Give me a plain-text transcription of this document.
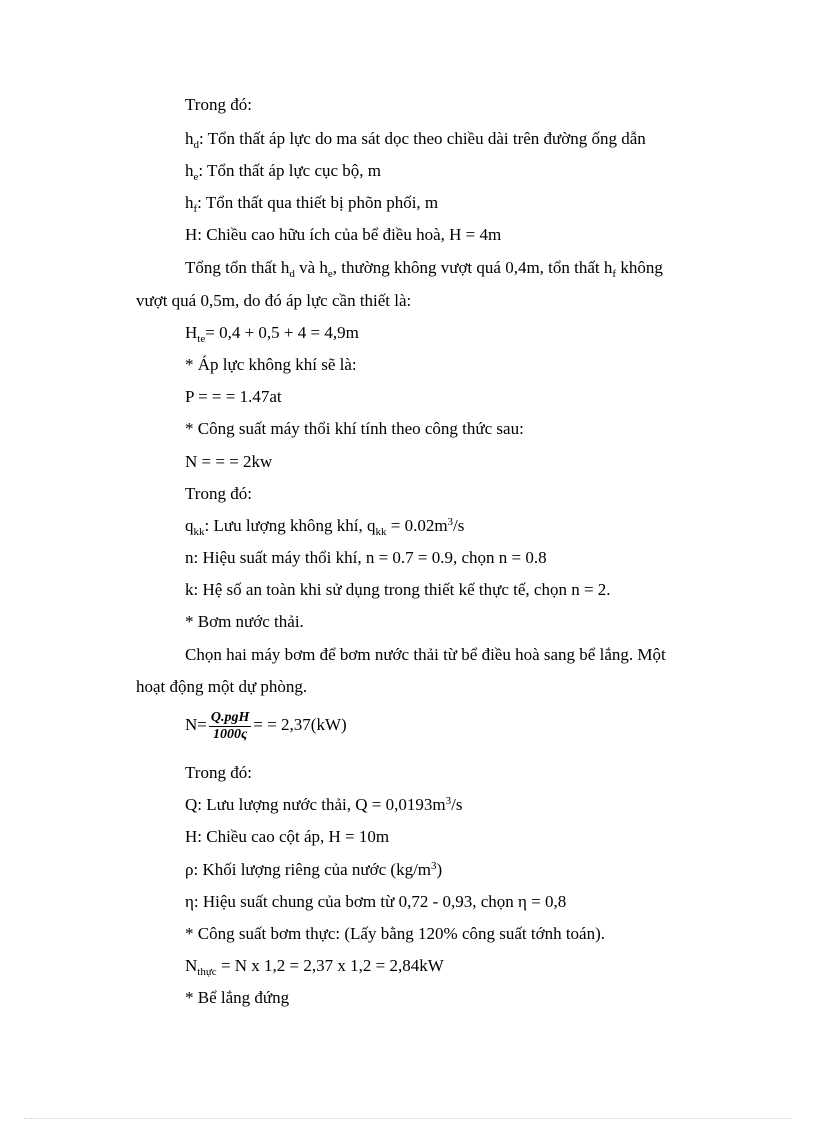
Trong đó:
$h_d$: Tổn thất áp lực do ma sát dọc theo chiều dài trên đường ống dẫn
$h_e$: Tổn thất áp lực cục bộ, m
$h_f$: Tổn thất qua thiết bị phõn phối, m
H: Chiều cao hữu ích của bể điều hoà, H = 4m
Tổng tổn thất $h_d$ và $h_e$, thường không vượt quá 0,4m, tổn thất $h_f$ không
vượt quá 0,5m, do đó áp lực cần thiết là:
$H_{te}= 0,4 + 0,5 + 4 = 4,9m$
* Áp lực không khí sẽ là:
P = = = 1.47at
* Công suất máy thổi khí tính theo công thức sau:
N = = = 2kw
Trong đó:
$q_{kk}$: Lưu lượng không khí, $q_{kk} = 0.02m^3/s$
n: Hiệu suất máy thổi khí, n = 0.7 = 0.9, chọn n = 0.8
k: Hệ số an toàn khi sử dụng trong thiết kế thực tế, chọn n = 2.
* Bơm nước thải.
Chọn hai máy bơm để bơm nước thải từ bể điều hoà sang bể lắng. Một
hoạt động một dự phòng.
$N= \frac{\text{Q.pgH}}{1000\varsigma}$ = = 2,37(kW)
Trong đó:
Q: Lưu lượng nước thải, $Q = 0,0193m^3/s$
H: Chiều cao cột áp, H = 10m
ρ: Khối lượng riêng của nước $(kg/m^3)$
η: Hiệu suất chung của bơm từ 0,72 - 0,93, chọn η = 0,8
* Công suất bơm thực: (Lấy bằng 120% công suất tớnh toán).
$N_{thực} = N$ x 1,2 = 2,37 x 1,2 = 2,84kW
* Bể lắng đứng
